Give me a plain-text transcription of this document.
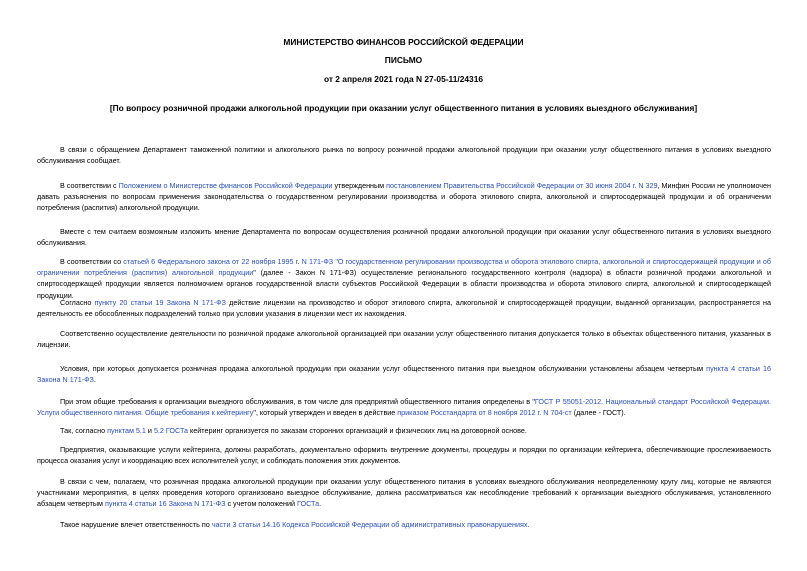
МИНИСТЕРСТВО ФИНАНСОВ РОССИЙСКОЙ ФЕДЕРАЦИИ
ПИСЬМО
от 2 апреля 2021 года N 27-05-11/24316
[По вопросу розничной продажи алкогольной продукции при оказании услуг общественного питания в условиях выездного обслуживания]
В связи с обращением Департамент таможенной политики и алкогольного рынка по вопросу розничной продажи алкогольной продукции при оказании услуг общественного питания в условиях выездного обслуживания сообщает.
В соответствии с Положением о Министерстве финансов Российской Федерации утвержденным постановлением Правительства Российской Федерации от 30 июня 2004 г. N 329, Минфин России не уполномочен давать разъяснения по вопросам применения законодательства о государственном регулировании производства и оборота этилового спирта, алкогольной и спиртосодержащей продукции и об ограничении потребления (распития) алкогольной продукции.
Вместе с тем считаем возможным изложить мнение Департамента по вопросам осуществления розничной продажи алкогольной продукции при оказании услуг общественного питания в условиях выездного обслуживания.
В соответствии со статьей 6 Федерального закона от 22 ноября 1995 г. N 171-ФЗ "О государственном регулировании производства и оборота этилового спирта, алкогольной и спиртосодержащей продукции и об ограничении потребления (распития) алкогольной продукции" (далее - Закон N 171-ФЗ) осуществление регионального государственного контроля (надзора) в области розничной продажи алкогольной и спиртосодержащей продукции является полномочием органов государственной власти субъектов Российской Федерации в области производства и оборота этилового спирта, алкогольной и спиртосодержащей продукции.
Согласно пункту 20 статьи 19 Закона N 171-ФЗ действие лицензии на производство и оборот этилового спирта, алкогольной и спиртосодержащей продукции, выданной организации, распространяется на деятельность ее обособленных подразделений только при условии указания в лицензии мест их нахождения.
Соответственно осуществление деятельности по розничной продаже алкогольной организацией при оказании услуг общественного питания допускается только в объектах общественного питания, указанных в лицензии.
Условия, при которых допускается розничная продажа алкогольной продукции при оказании услуг общественного питания при выездном обслуживании установлены абзацем четвертым пункта 4 статьи 16 Закона N 171-ФЗ.
При этом общие требования к организации выездного обслуживания, в том числе для предприятий общественного питания определены в "ГОСТ Р 55051-2012. Национальный стандарт Российской Федерации. Услуги общественного питания. Общие требования к кейтерингу", который утвержден и введен в действие приказом Росстандарта от 8 ноября 2012 г. N 704-ст (далее - ГОСТ).
Так, согласно пунктам 5.1 и 5.2 ГОСТа кейтеринг организуется по заказам сторонних организаций и физических лиц на договорной основе.
Предприятия, оказывающие услуги кейтеринга, должны разработать, документально оформить внутренние документы, процедуры и порядки по организации кейтеринга, обеспечивающие прослеживаемость процесса оказания услуг и координацию всех исполнителей услуг, и соблюдать положения этих документов.
В связи с чем, полагаем, что розничная продажа алкогольной продукции при оказании услуг общественного питания в условиях выездного обслуживания неопределенному кругу лиц, которые не являются участниками мероприятия, в целях проведения которого организовано выездное обслуживание, должна рассматриваться как несоблюдение требований к организации выездного обслуживания, установленного абзацем четвертым пункта 4 статьи 16 Закона N 171-ФЗ с учетом положений ГОСТа.
Такое нарушение влечет ответственность по части 3 статьи 14.16 Кодекса Российской Федерации об административных правонарушениях.
